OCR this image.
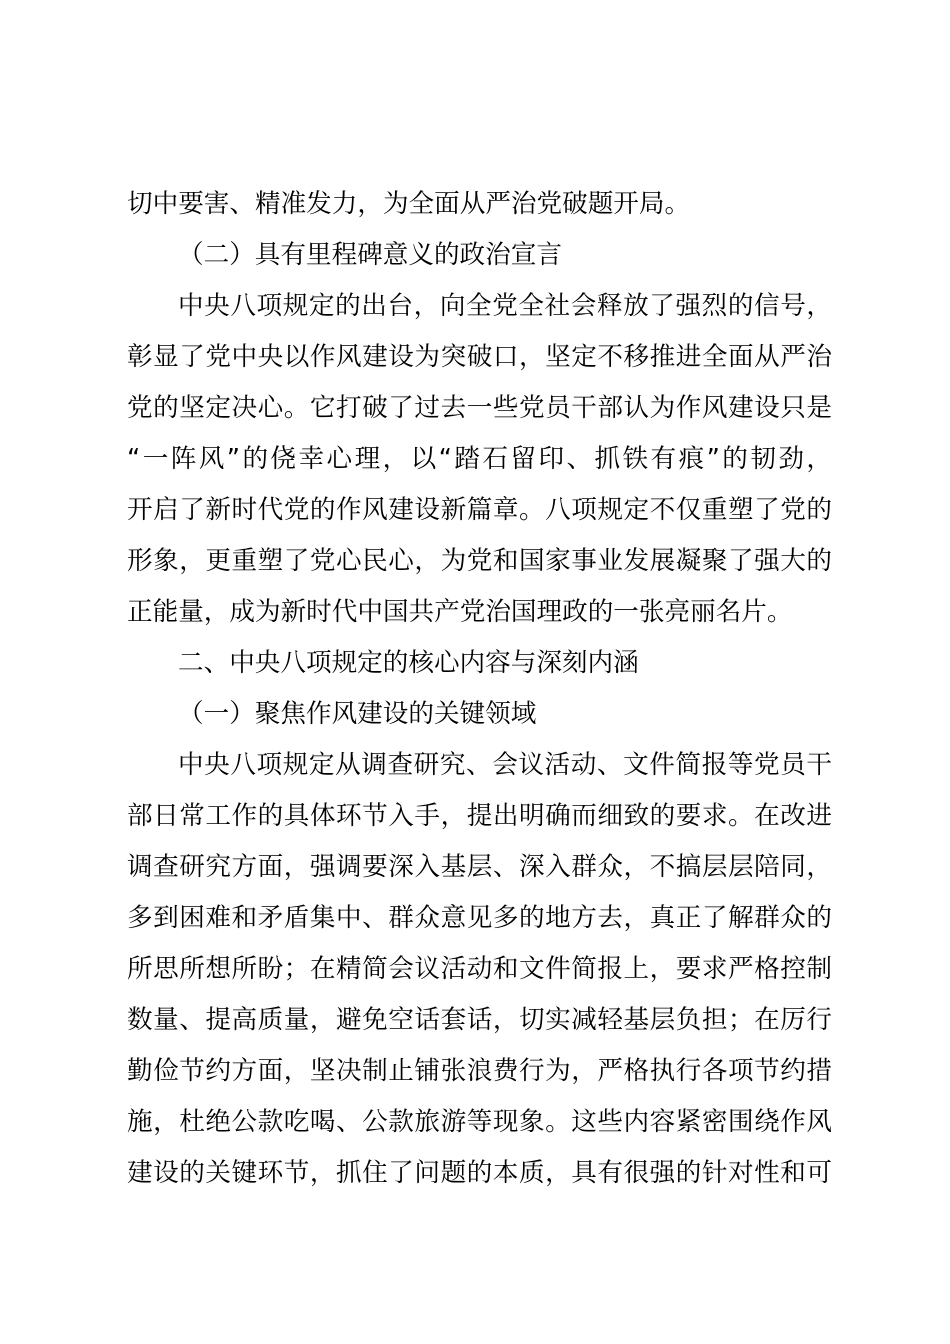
切中要害、精准发力，为全面从严治党破题开局。
（二）具有里程碑意义的政治宣言
中央八项规定的出台，向全党全社会释放了强烈的信号，
彰显了党中央以作风建设为突破口，坚定不移推进全面从严治
党的坚定决心。它打破了过去一些党员干部认为作风建设只是
“一阵风”的侥幸心理，以“踏石留印、抓铁有痕”的韧劲，
开启了新时代党的作风建设新篇章。八项规定不仅重塑了党的
形象，更重塑了党心民心，为党和国家事业发展凝聚了强大的
正能量，成为新时代中国共产党治国理政的一张亮丽名片。
二、中央八项规定的核心内容与深刻内涵
（一）聚焦作风建设的关键领域
中央八项规定从调查研究、会议活动、文件简报等党员干
部日常工作的具体环节入手，提出明确而细致的要求。在改进
调查研究方面，强调要深入基层、深入群众，不搞层层陪同，
多到困难和矛盾集中、群众意见多的地方去，真正了解群众的
所思所想所盼；在精简会议活动和文件简报上，要求严格控制
数量、提高质量，避免空话套话，切实减轻基层负担；在厉行
勤俭节约方面，坚决制止铺张浪费行为，严格执行各项节约措
施，杜绝公款吃喝、公款旅游等现象。这些内容紧密围绕作风
建设的关键环节，抓住了问题的本质，具有很强的针对性和可
